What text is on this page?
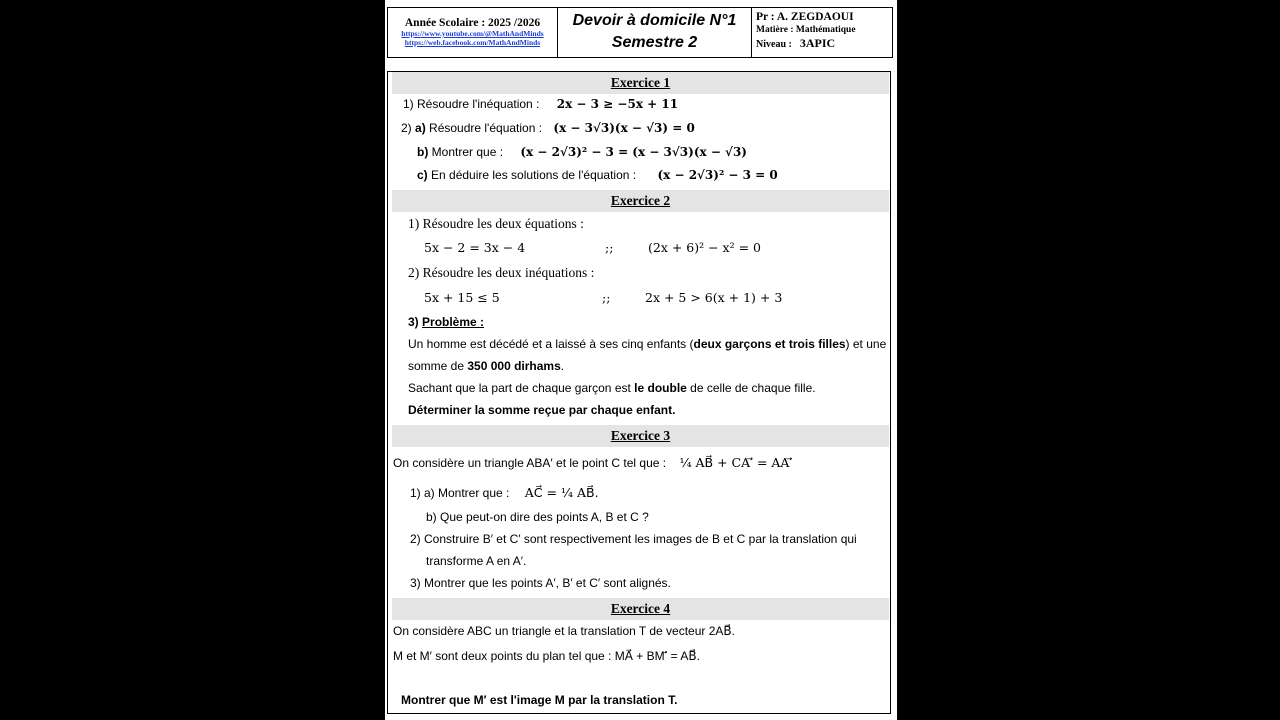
Année Scolaire : 2025 /2026
https://www.youtube.com/@MathAndMinds
https://web.facebook.com/MathAndMinds
Devoir à domicile N°1
Semestre 2
Pr : A. ZEGDAOUI
Matière : Mathématique
Niveau : 3APIC
Exercice 1
1) Résoudre l'inéquation : 2x − 3 ≥ −5x + 11
2) a) Résoudre l'équation : (x − 3√3)(x − √3) = 0
b) Montrer que : (x − 2√3)² − 3 = (x − 3√3)(x − √3)
c) En déduire les solutions de l'équation : (x − 2√3)² − 3 = 0
Exercice 2
1) Résoudre les deux équations :
5x − 2 = 3x − 4	;;	(2x + 6)² − x² = 0
2) Résoudre les deux inéquations :
5x + 15 ≤ 5	;;	2x + 5 > 6(x + 1) + 3
3) Problème :
Un homme est décédé et a laissé à ses cinq enfants (deux garçons et trois filles) et une
somme de 350 000 dirhams.
Sachant que la part de chaque garçon est le double de celle de chaque fille.
Déterminer la somme reçue par chaque enfant.
Exercice 3
On considère un triangle ABA′ et le point C tel que : ¼ AB⃗ + CA′⃗ = AA′⃗
1) a) Montrer que : AC⃗ = ¼ AB⃗.
b) Que peut-on dire des points A, B et C ?
2) Construire B′ et C′ sont respectivement les images de B et C par la translation qui
transforme A en A′.
3) Montrer que les points A′, B′ et C′ sont alignés.
Exercice 4
On considère ABC un triangle et la translation T de vecteur 2AB⃗.
M et M′ sont deux points du plan tel que : MA⃗ + BM′⃗ = AB⃗.
Montrer que M′ est l'image M par la translation T.
